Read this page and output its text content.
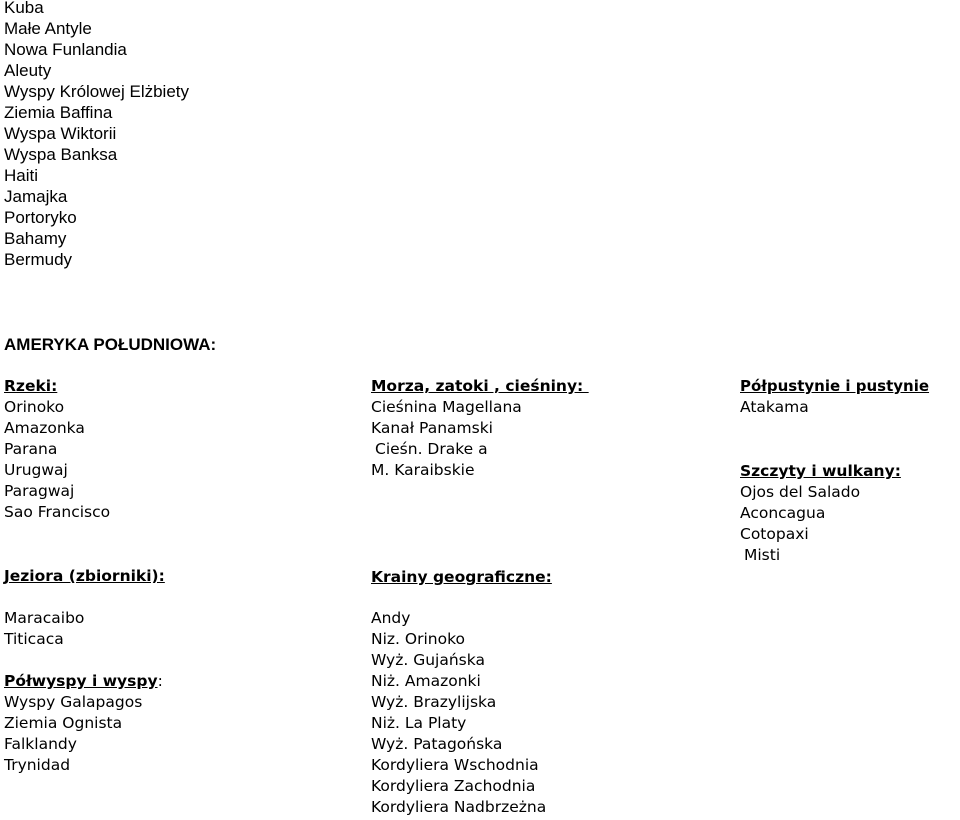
Kuba
Małe Antyle
Nowa Funlandia
Aleuty
Wyspy Królowej Elżbiety
Ziemia Baffina
Wyspa Wiktorii
Wyspa Banksa
Haiti
Jamajka
Portoryko
Bahamy
Bermudy
AMERYKA POŁUDNIOWA:
Rzeki:
Orinoko
Amazonka
Parana
Urugwaj
Paragwaj
Sao Francisco
Jeziora (zbiorniki):
Maracaibo
Titicaca
Półwyspy i wyspy:
Wyspy Galapagos
Ziemia Ognista
Falklandy
Trynidad
Morza, zatoki , cieśniny:
Cieśnina Magellana
Kanał Panamski
Cieśn. Drake a
M. Karaibskie
Krainy geograficzne:
Andy
Niz. Orinoko
Wyż. Gujańska
Niż. Amazonki
Wyż. Brazylijska
Niż. La Platy
Wyż. Patagońska
Kordyliera Wschodnia
Kordyliera Zachodnia
Kordyliera Nadbrzeżna
Półpustynie i pustynie
Atakama
Szczyty i wulkany:
Ojos del Salado
Aconcagua
Cotopaxi
Misti
